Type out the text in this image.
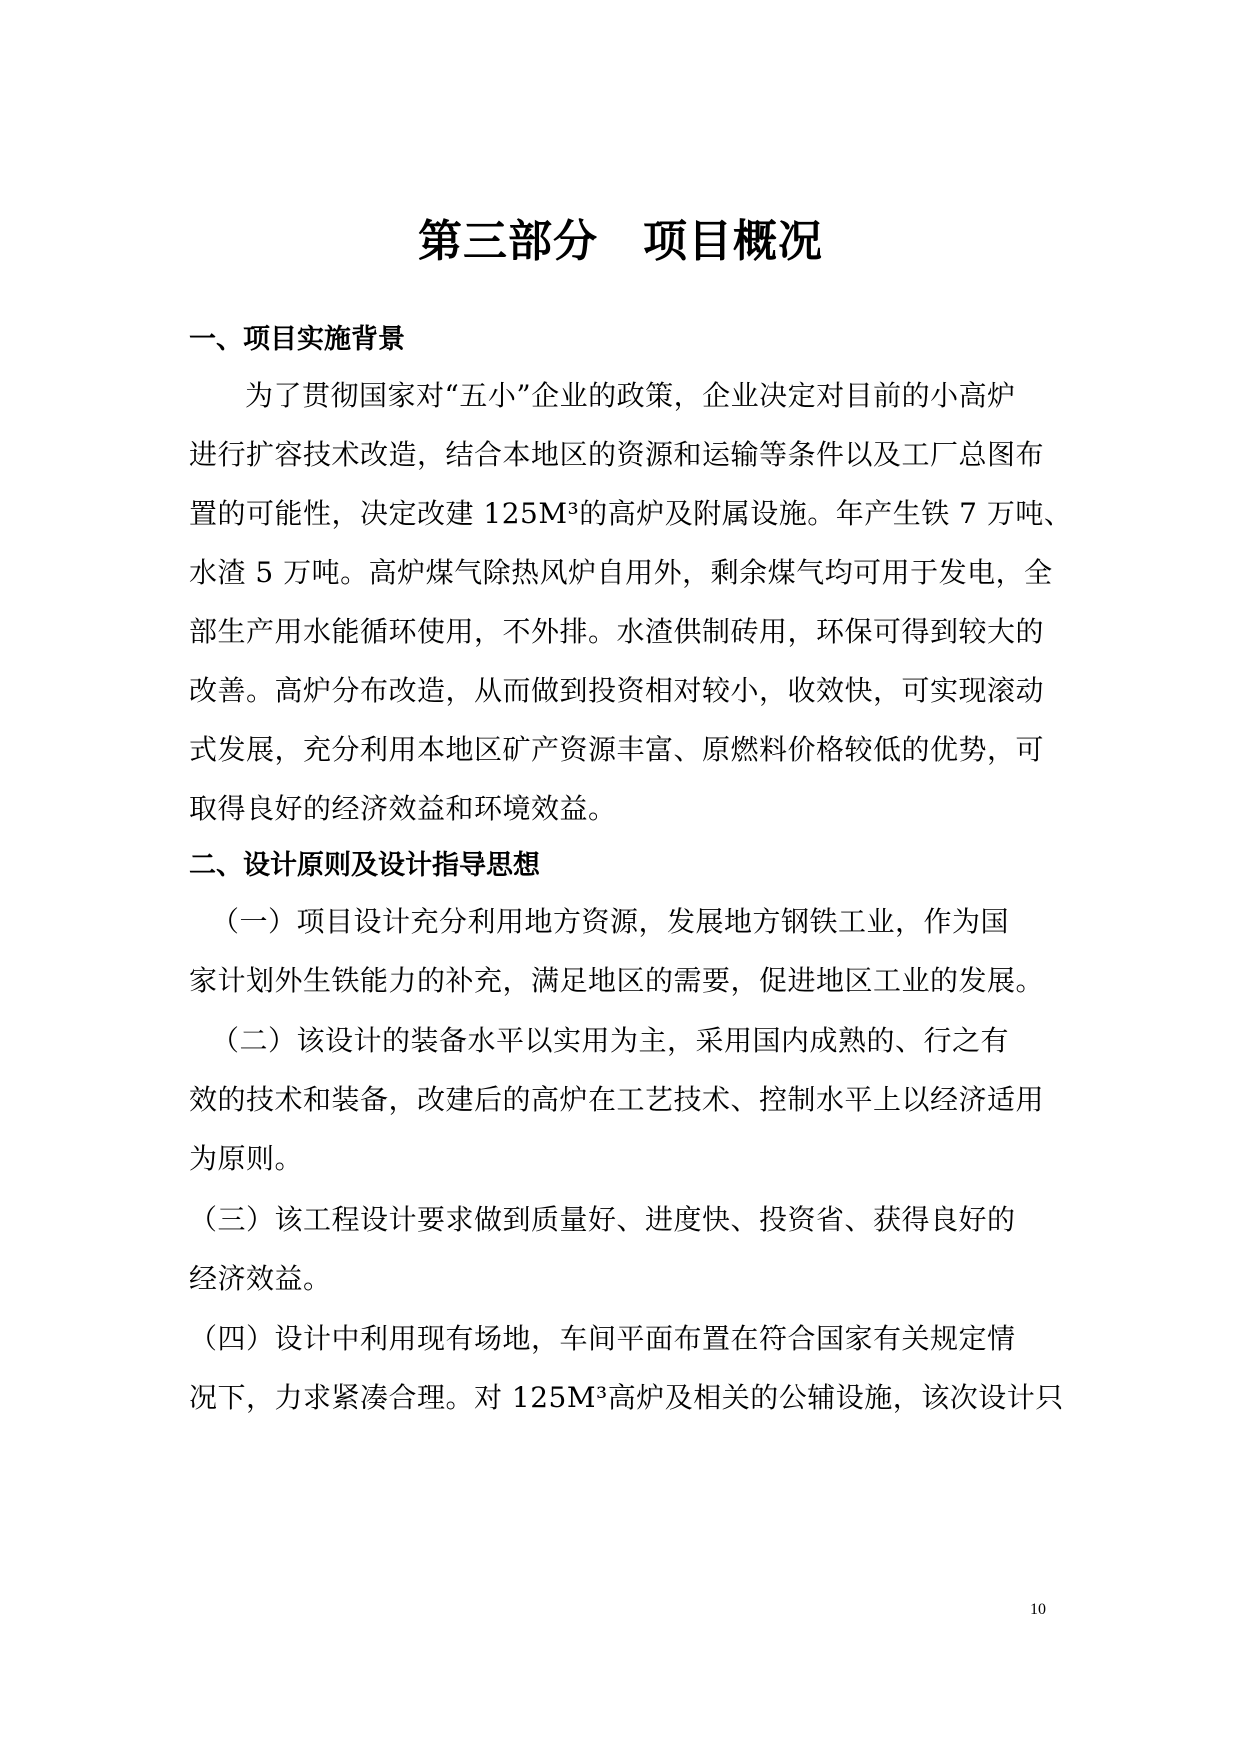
第三部分　项目概况
一、项目实施背景

为了贯彻国家对“五小”企业的政策，企业决定对目前的小高炉

进行扩容技术改造，结合本地区的资源和运输等条件以及工厂总图布

置的可能性，决定改建 125M³的高炉及附属设施。年产生铁 7 万吨、

水渣 5 万吨。高炉煤气除热风炉自用外，剩余煤气均可用于发电，全

部生产用水能循环使用，不外排。水渣供制砖用，环保可得到较大的

改善。高炉分布改造，从而做到投资相对较小，收效快，可实现滚动

式发展，充分利用本地区矿产资源丰富、原燃料价格较低的优势，可

取得良好的经济效益和环境效益。

二、设计原则及设计指导思想

（一）项目设计充分利用地方资源，发展地方钢铁工业，作为国

家计划外生铁能力的补充，满足地区的需要，促进地区工业的发展。

（二）该设计的装备水平以实用为主，采用国内成熟的、行之有

效的技术和装备，改建后的高炉在工艺技术、控制水平上以经济适用

为原则。

（三）该工程设计要求做到质量好、进度快、投资省、获得良好的

经济效益。

（四）设计中利用现有场地，车间平面布置在符合国家有关规定情

况下，力求紧凑合理。对 125M³高炉及相关的公辅设施，该次设计只

10
